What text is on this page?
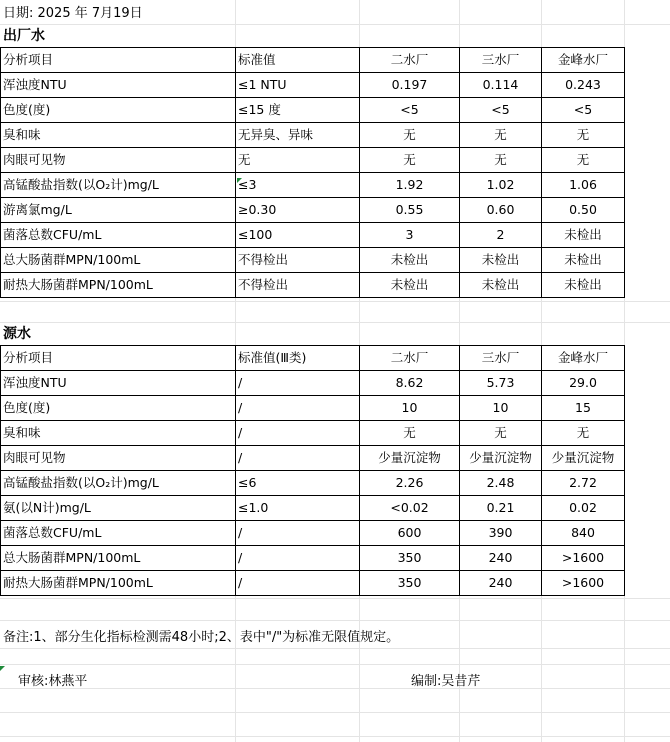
日期: 2025 年 7月19日
出厂水
分析项目	标准值	二水厂	三水厂	金峰水厂
浑浊度NTU	≤1 NTU	0.197	0.114	0.243
色度(度)	≤15 度	<5	<5	<5
臭和味	无异臭、异味	无	无	无
肉眼可见物	无	无	无	无
高锰酸盐指数(以O₂计)mg/L	≤3	1.92	1.02	1.06
游离氯mg/L	≥0.30	0.55	0.60	0.50
菌落总数CFU/mL	≤100	3	2	未检出
总大肠菌群MPN/100mL	不得检出	未检出	未检出	未检出
耐热大肠菌群MPN/100mL	不得检出	未检出	未检出	未检出
源水
分析项目	标准值(Ⅲ类)	二水厂	三水厂	金峰水厂
浑浊度NTU	/	8.62	5.73	29.0
色度(度)	/	10	10	15
臭和味	/	无	无	无
肉眼可见物	/	少量沉淀物	少量沉淀物	少量沉淀物
高锰酸盐指数(以O₂计)mg/L	≤6	2.26	2.48	2.72
氨(以N计)mg/L	≤1.0	<0.02	0.21	0.02
菌落总数CFU/mL	/	600	390	840
总大肠菌群MPN/100mL	/	350	240	>1600
耐热大肠菌群MPN/100mL	/	350	240	>1600
备注:1、部分生化指标检测需48小时;2、表中"/"为标准无限值规定。
审核:林燕平	编制:吴昔芹
